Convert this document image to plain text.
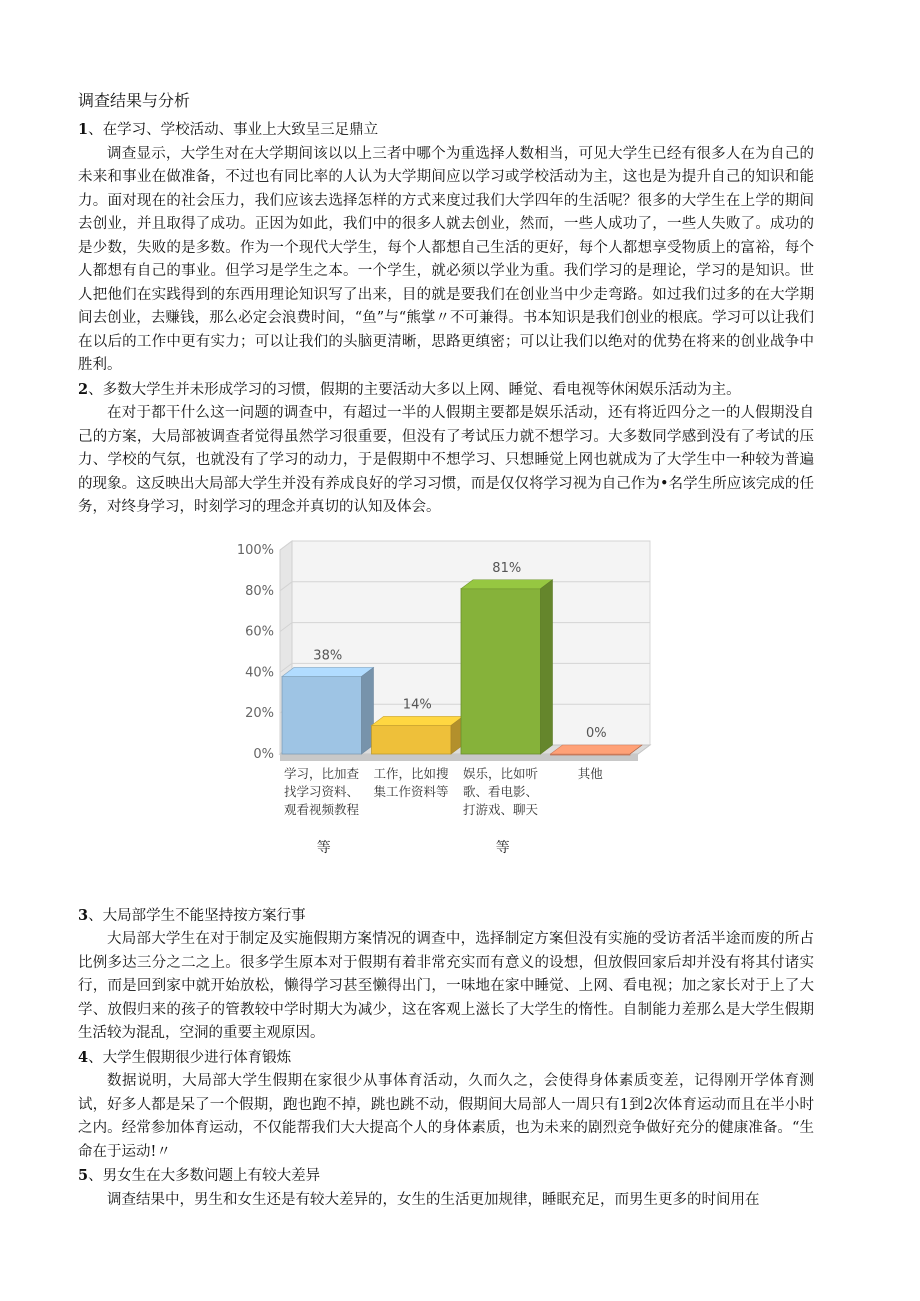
调查结果与分析
1、在学习、学校活动、事业上大致呈三足鼎立

调查显示，大学生对在大学期间该以以上三者中哪个为重选择人数相当，可见大学生已经有很多人在为自己的未来和事业在做准备，不过也有同比率的人认为大学期间应以学习或学校活动为主，这也是为提升自己的知识和能力。面对现在的社会压力，我们应该去选择怎样的方式来度过我们大学四年的生活呢？很多的大学生在上学的期间去创业，并且取得了成功。正因为如此，我们中的很多人就去创业，然而，一些人成功了，一些人失败了。成功的是少数，失败的是多数。作为一个现代大学生，每个人都想自己生活的更好，每个人都想享受物质上的富裕，每个人都想有自己的事业。但学习是学生之本。一个学生，就必须以学业为重。我们学习的是理论，学习的是知识。世人把他们在实践得到的东西用理论知识写了出来，目的就是要我们在创业当中少走弯路。如过我们过多的在大学期间去创业，去赚钱，那么必定会浪费时间，“鱼”与“熊掌〃不可兼得。书本知识是我们创业的根底。学习可以让我们在以后的工作中更有实力；可以让我们的头脑更清晰，思路更缜密；可以让我们以绝对的优势在将来的创业战争中胜利。

2、多数大学生并未形成学习的习惯，假期的主要活动大多以上网、睡觉、看电视等休闲娱乐活动为主。

在对于都干什么这一问题的调查中，有超过一半的人假期主要都是娱乐活动，还有将近四分之一的人假期没自己的方案，大局部被调查者觉得虽然学习很重要，但没有了考试压力就不想学习。大多数同学感到没有了考试的压力、学校的气氛，也就没有了学习的动力，于是假期中不想学习、只想睡觉上网也就成为了大学生中一种较为普遍的现象。这反映出大局部大学生并没有养成良好的学习习惯，而是仅仅将学习视为自己作为•名学生所应该完成的任务，对终身学习，时刻学习的理念并真切的认知及体会。

0%
20%
40%
60%
80%
100%
38%
学习，比加查
找学习资料、
观看视频教程
等
14%
工作，比如搜
集工作资料等
81%
娱乐，比如听
歌、看电影、
打游戏、聊天
等
0%
其他
3、大局部学生不能坚持按方案行事

大局部大学生在对于制定及实施假期方案情况的调查中，选择制定方案但没有实施的受访者活半途而废的所占比例多达三分之二之上。很多学生原本对于假期有着非常充实而有意义的设想，但放假回家后却并没有将其付诸实行，而是回到家中就开始放松，懒得学习甚至懒得出门，一味地在家中睡觉、上网、看电视；加之家长对于上了大学、放假归来的孩子的管教较中学时期大为减少，这在客观上滋长了大学生的惰性。自制能力差那么是大学生假期生活较为混乱，空洞的重要主观原因。

4、大学生假期很少进行体育锻炼

数据说明，大局部大学生假期在家很少从事体育活动，久而久之，会使得身体素质变差，记得刚开学体育测试，好多人都是呆了一个假期，跑也跑不掉，跳也跳不动，假期间大局部人一周只有1到2次体育运动而且在半小时之内。经常参加体育运动，不仅能帮我们大大提高个人的身体素质，也为未来的剧烈竞争做好充分的健康准备。“生命在于运动!〃

5、男女生在大多数问题上有较大差异

调查结果中，男生和女生还是有较大差异的，女生的生活更加规律，睡眠充足，而男生更多的时间用在
